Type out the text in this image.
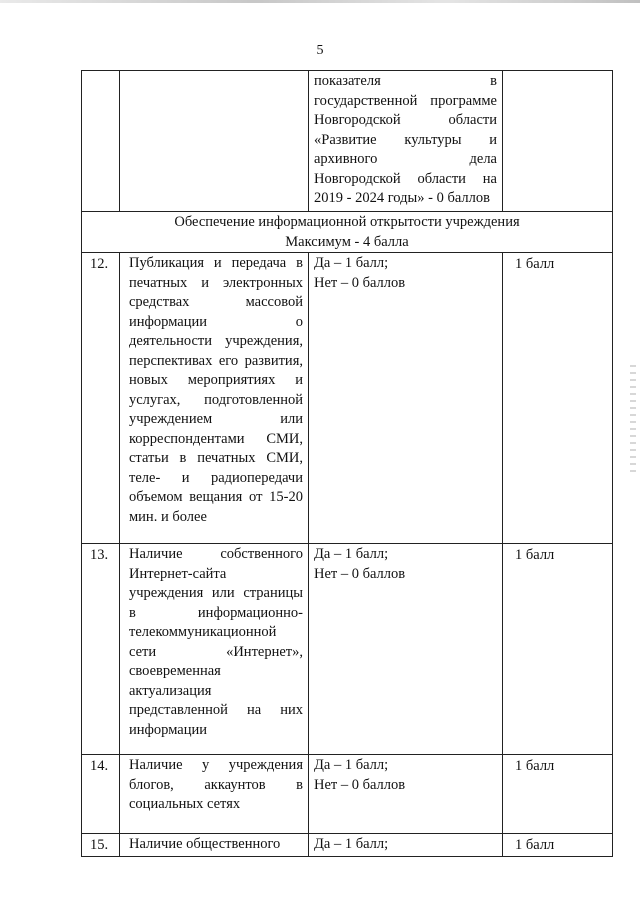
5

		показателя в государственной программе Новгородской области «Развитие культуры и архивного дела Новгородской области на 2019 - 2024 годы» - 0 баллов	

Обеспечение информационной открытости учреждения
Максимум - 4 балла			

12.	Публикация и передача в печатных и электронных средствах массовой информации о деятельности учреждения, перспективах его развития, новых мероприятиях и услугах, подготовленной учреждением или корреспондентами СМИ, статьи в печатных СМИ, теле- и радиопередачи объемом вещания от 15-20 мин. и более	Да – 1 балл;
Нет – 0 баллов	1 балл

13.	Наличие собственного Интернет-сайта учреждения или страницы в информационно-телекоммуникационной сети «Интернет», своевременная актуализация представленной на них информации	Да – 1 балл;
Нет – 0 баллов	1 балл

14.	Наличие у учреждения блогов, аккаунтов в социальных сетях	Да – 1 балл;
Нет – 0 баллов	1 балл

15.	Наличие общественного	Да – 1 балл;	1 балл
